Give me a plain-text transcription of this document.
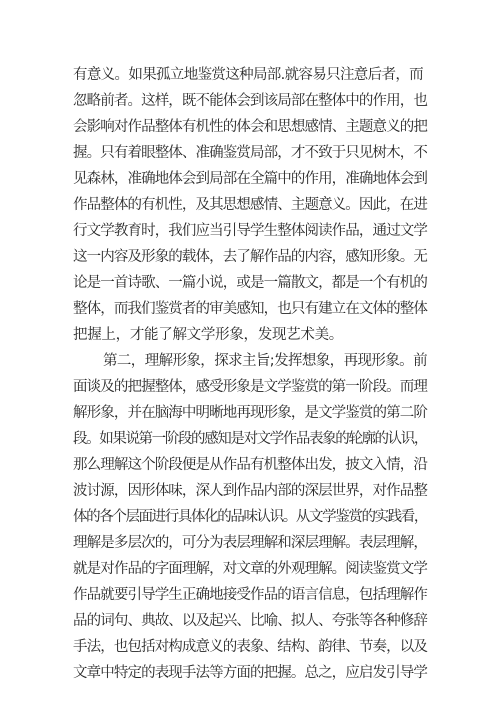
有意义。如果孤立地鉴赏这种局部.就容易只注意后者，而
忽略前者。这样，既不能体会到该局部在整体中的作用，也
会影响对作品整体有机性的体会和思想感情、主题意义的把
握。只有着眼整体、准确鉴赏局部，才不致于只见树木，不
见森林，准确地体会到局部在全篇中的作用，准确地体会到
作品整体的有机性，及其思想感情、主题意义。因此，在进
行文学教育时，我们应当引导学生整体阅读作品，通过文学
这一内容及形象的载体，去了解作品的内容，感知形象。无
论是一首诗歌、一篇小说，或是一篇散文，都是一个有机的
整体，而我们鉴赏者的审美感知，也只有建立在文体的整体
把握上，才能了解文学形象，发现艺术美。
第二，理解形象，探求主旨;发挥想象，再现形象。前
面谈及的把握整体，感受形象是文学鉴赏的第一阶段。而理
解形象，并在脑海中明晰地再现形象，是文学鉴赏的第二阶
段。如果说第一阶段的感知是对文学作品表象的轮廓的认识，
那么理解这个阶段便是从作品有机整体出发，披文入情，沿
波讨源，因形体味，深人到作品内部的深层世界，对作品整
体的各个层面进行具体化的品味认识。从文学鉴赏的实践看，
理解是多层次的，可分为表层理解和深层理解。表层理解，
就是对作品的字面理解，对文章的外观理解。阅读鉴赏文学
作品就要引导学生正确地接受作品的语言信息，包括理解作
品的词句、典故、以及起兴、比喻、拟人、夸张等各种修辞
手法，也包括对构成意义的表象、结构、韵律、节奏，以及
文章中特定的表现手法等方面的把握。总之，应启发引导学
